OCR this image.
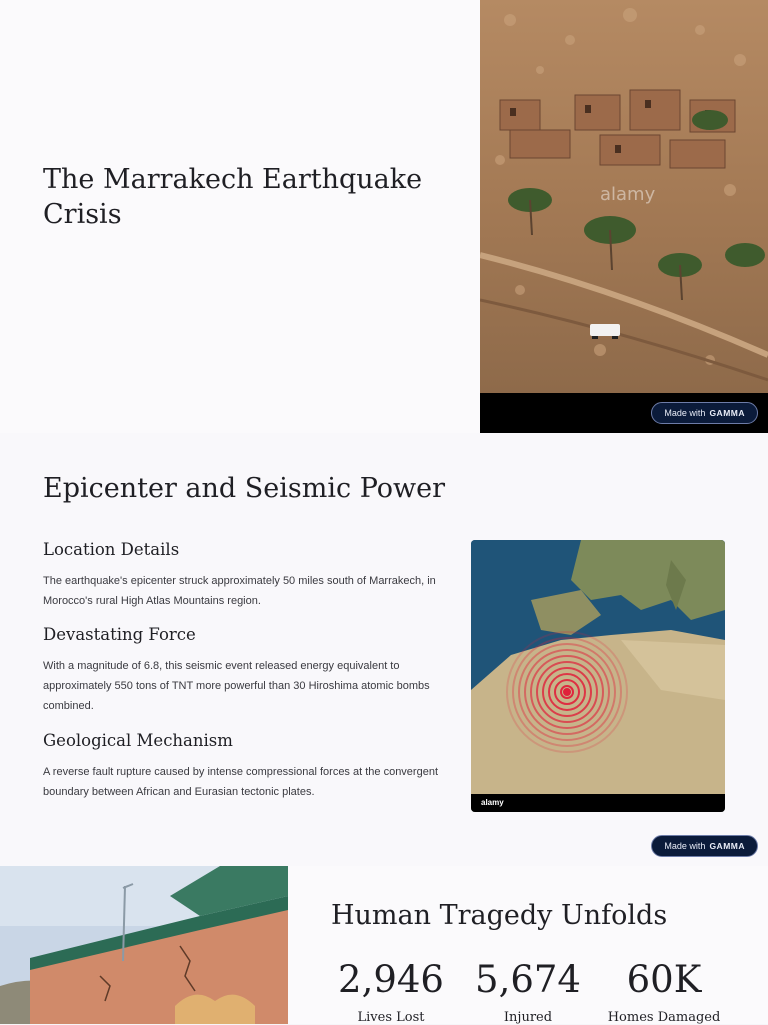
The Marrakech Earthquake Crisis
alamy
Made with GAMMA
Epicenter and Seismic Power
Location Details

The earthquake's epicenter struck approximately 50 miles south of Marrakech, in Morocco's rural High Atlas Mountains region.

Devastating Force

With a magnitude of 6.8, this seismic event released energy equivalent to approximately 550 tons of TNT more powerful than 30 Hiroshima atomic bombs combined.

Geological Mechanism

A reverse fault rupture caused by intense compressional forces at the convergent boundary between African and Eurasian tectonic plates.

alamy
Made with GAMMA
Human Tragedy Unfolds
2,946
Lives Lost
5,674
Injured
60K
Homes Damaged
